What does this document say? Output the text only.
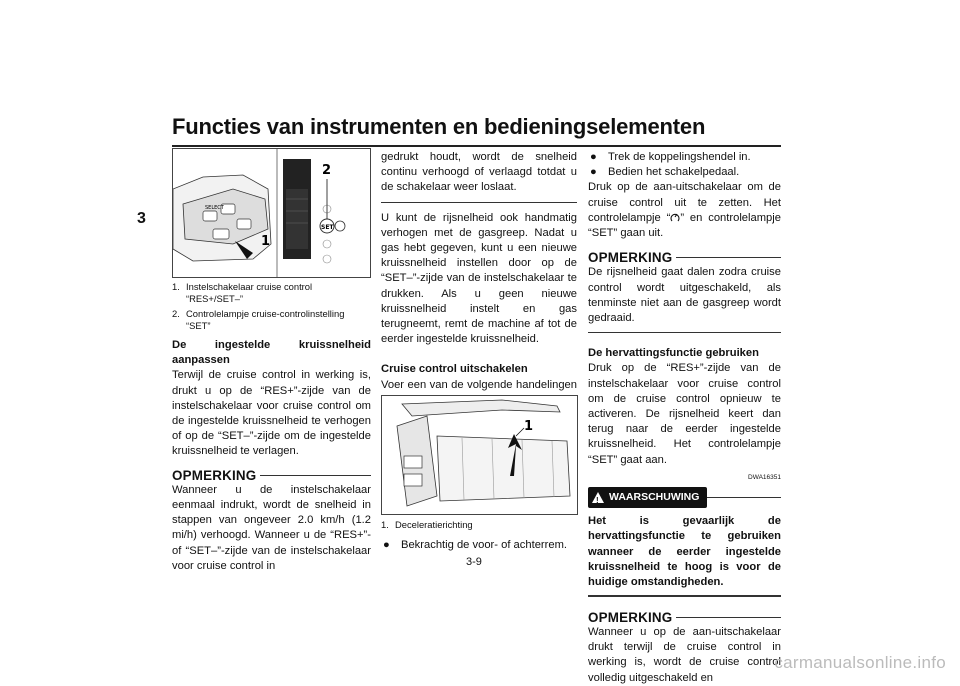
Functies van instrumenten en bedieningselementen
3
SELECT
SET
2
1
1. Instelschakelaar cruise control “RES+/SET–”
2. Controlelampje cruise-controlinstelling “SET”

De ingestelde kruissnelheid aanpassen

Terwijl de cruise control in werking is, drukt u op de “RES+”-zijde van de instelschakelaar voor cruise control om de ingestelde kruissnelheid te verhogen of op de “SET–”-zijde om de ingestelde kruissnelheid te verlagen.

OPMERKING

Wanneer u de instelschakelaar eenmaal indrukt, wordt de snelheid in stappen van ongeveer 2.0 km/h (1.2 mi/h) verhoogd. Wanneer u de “RES+”- of “SET–”-zijde van de instelschakelaar voor cruise control in

gedrukt houdt, wordt de snelheid continu verhoogd of verlaagd totdat u de schakelaar weer loslaat.

U kunt de rijsnelheid ook handmatig verhogen met de gasgreep. Nadat u gas hebt gegeven, kunt u een nieuwe kruissnelheid instellen door op de “SET–”-zijde van de instelschakelaar te drukken. Als u geen nieuwe kruissnelheid instelt en gas terugneemt, remt de machine af tot de eerder ingestelde kruissnelheid.

Cruise control uitschakelen

Voer een van de volgende handelingen

1
1. Deceleratierichting
●	Bekrachtig de voor- of achterrem.
●	Trek de koppelingshendel in.
●	Bedien het schakelpedaal.

Druk op de aan-uitschakelaar om de cruise control uit te zetten. Het controlelampje “ ” en controlelampje “SET” gaan uit.

OPMERKING

De rijsnelheid gaat dalen zodra cruise control wordt uitgeschakeld, als tenminste niet aan de gasgreep wordt gedraaid.

De hervattingsfunctie gebruiken

Druk op de “RES+”-zijde van de instelschakelaar voor cruise control om de cruise control opnieuw te activeren. De rijsnelheid keert dan terug naar de eerder ingestelde kruissnelheid. Het controlelampje “SET” gaat aan.

DWA16351
! WAARSCHUWING

Het is gevaarlijk de hervattingsfunctie te gebruiken wanneer de eerder ingestelde kruissnelheid te hoog is voor de huidige omstandigheden.

OPMERKING

Wanneer u op de aan-uitschakelaar drukt terwijl de cruise control in werking is, wordt de cruise control volledig uitgeschakeld en

3-9
carmanualsonline.info
